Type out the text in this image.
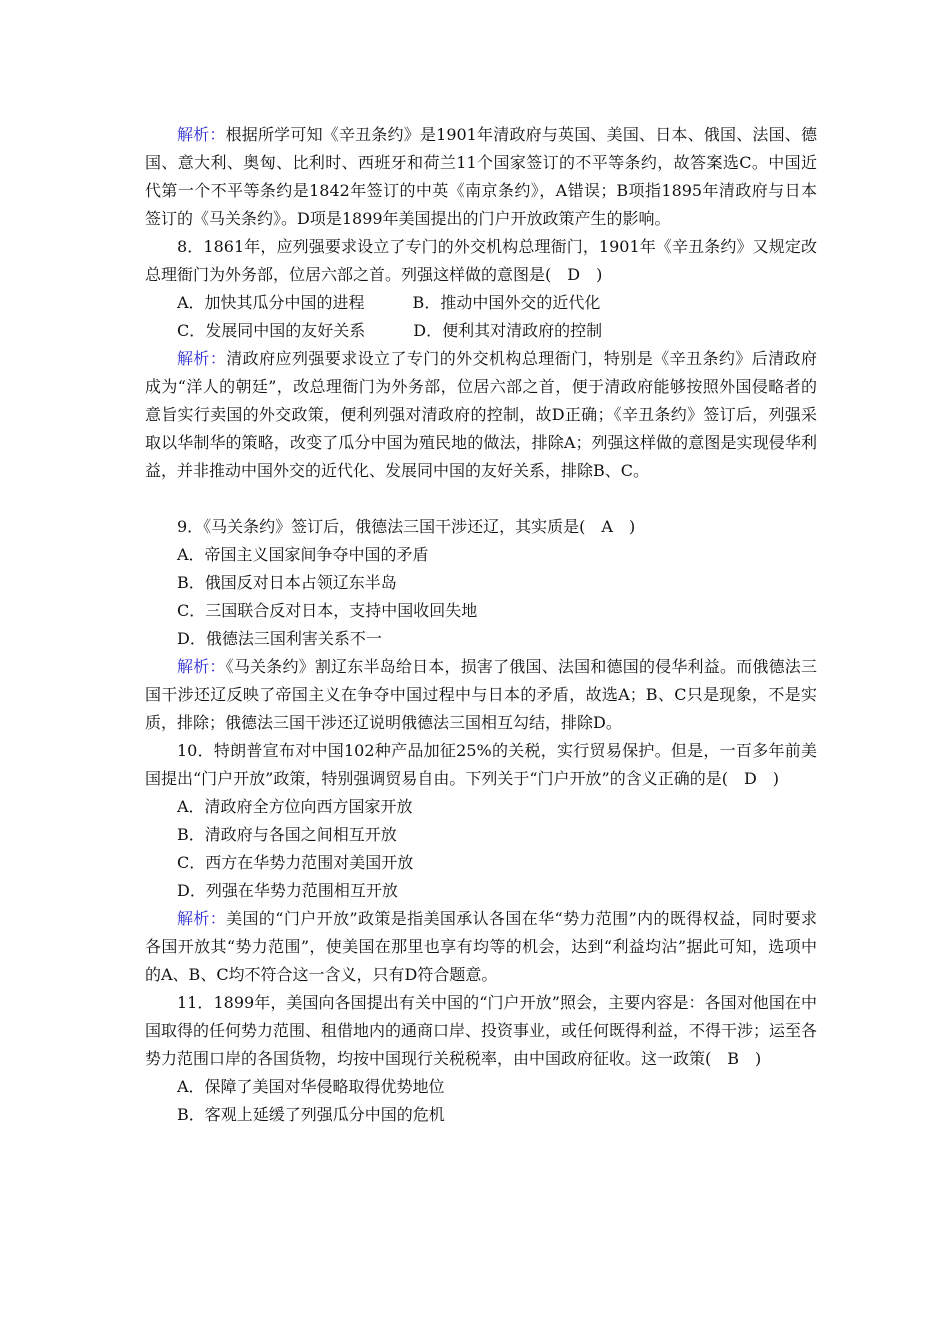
解析：根据所学可知《辛丑条约》是1901年清政府与英国、美国、日本、俄国、法国、德国、意大利、奥匈、比利时、西班牙和荷兰11个国家签订的不平等条约，故答案选C。中国近代第一个不平等条约是1842年签订的中英《南京条约》，A错误；B项指1895年清政府与日本签订的《马关条约》。D项是1899年美国提出的门户开放政策产生的影响。

8．1861年，应列强要求设立了专门的外交机构总理衙门，1901年《辛丑条约》又规定改总理衙门为外务部，位居六部之首。列强这样做的意图是(　D　)

A．加快其瓜分中国的进程　　　B．推动中国外交的近代化

C．发展同中国的友好关系　　　D．便利其对清政府的控制

解析：清政府应列强要求设立了专门的外交机构总理衙门，特别是《辛丑条约》后清政府成为“洋人的朝廷”，改总理衙门为外务部，位居六部之首，便于清政府能够按照外国侵略者的意旨实行卖国的外交政策，便利列强对清政府的控制，故D正确；《辛丑条约》签订后，列强采取以华制华的策略，改变了瓜分中国为殖民地的做法，排除A；列强这样做的意图是实现侵华利益，并非推动中国外交的近代化、发展同中国的友好关系，排除B、C。

9．《马关条约》签订后，俄德法三国干涉还辽，其实质是(　A　)

A．帝国主义国家间争夺中国的矛盾

B．俄国反对日本占领辽东半岛

C．三国联合反对日本，支持中国收回失地

D．俄德法三国利害关系不一

解析：《马关条约》割辽东半岛给日本，损害了俄国、法国和德国的侵华利益。而俄德法三国干涉还辽反映了帝国主义在争夺中国过程中与日本的矛盾，故选A；B、C只是现象，不是实质，排除；俄德法三国干涉还辽说明俄德法三国相互勾结，排除D。

10．特朗普宣布对中国102种产品加征25%的关税，实行贸易保护。但是，一百多年前美国提出“门户开放”政策，特别强调贸易自由。下列关于“门户开放”的含义正确的是(　D　)

A．清政府全方位向西方国家开放

B．清政府与各国之间相互开放

C．西方在华势力范围对美国开放

D．列强在华势力范围相互开放

解析：美国的“门户开放”政策是指美国承认各国在华“势力范围”内的既得权益，同时要求各国开放其“势力范围”，使美国在那里也享有均等的机会，达到“利益均沾”据此可知，选项中的A、B、C均不符合这一含义，只有D符合题意。

11．1899年，美国向各国提出有关中国的“门户开放”照会，主要内容是：各国对他国在中国取得的任何势力范围、租借地内的通商口岸、投资事业，或任何既得利益，不得干涉；运至各势力范围口岸的各国货物，均按中国现行关税税率，由中国政府征收。这一政策(　B　)

A．保障了美国对华侵略取得优势地位

B．客观上延缓了列强瓜分中国的危机
